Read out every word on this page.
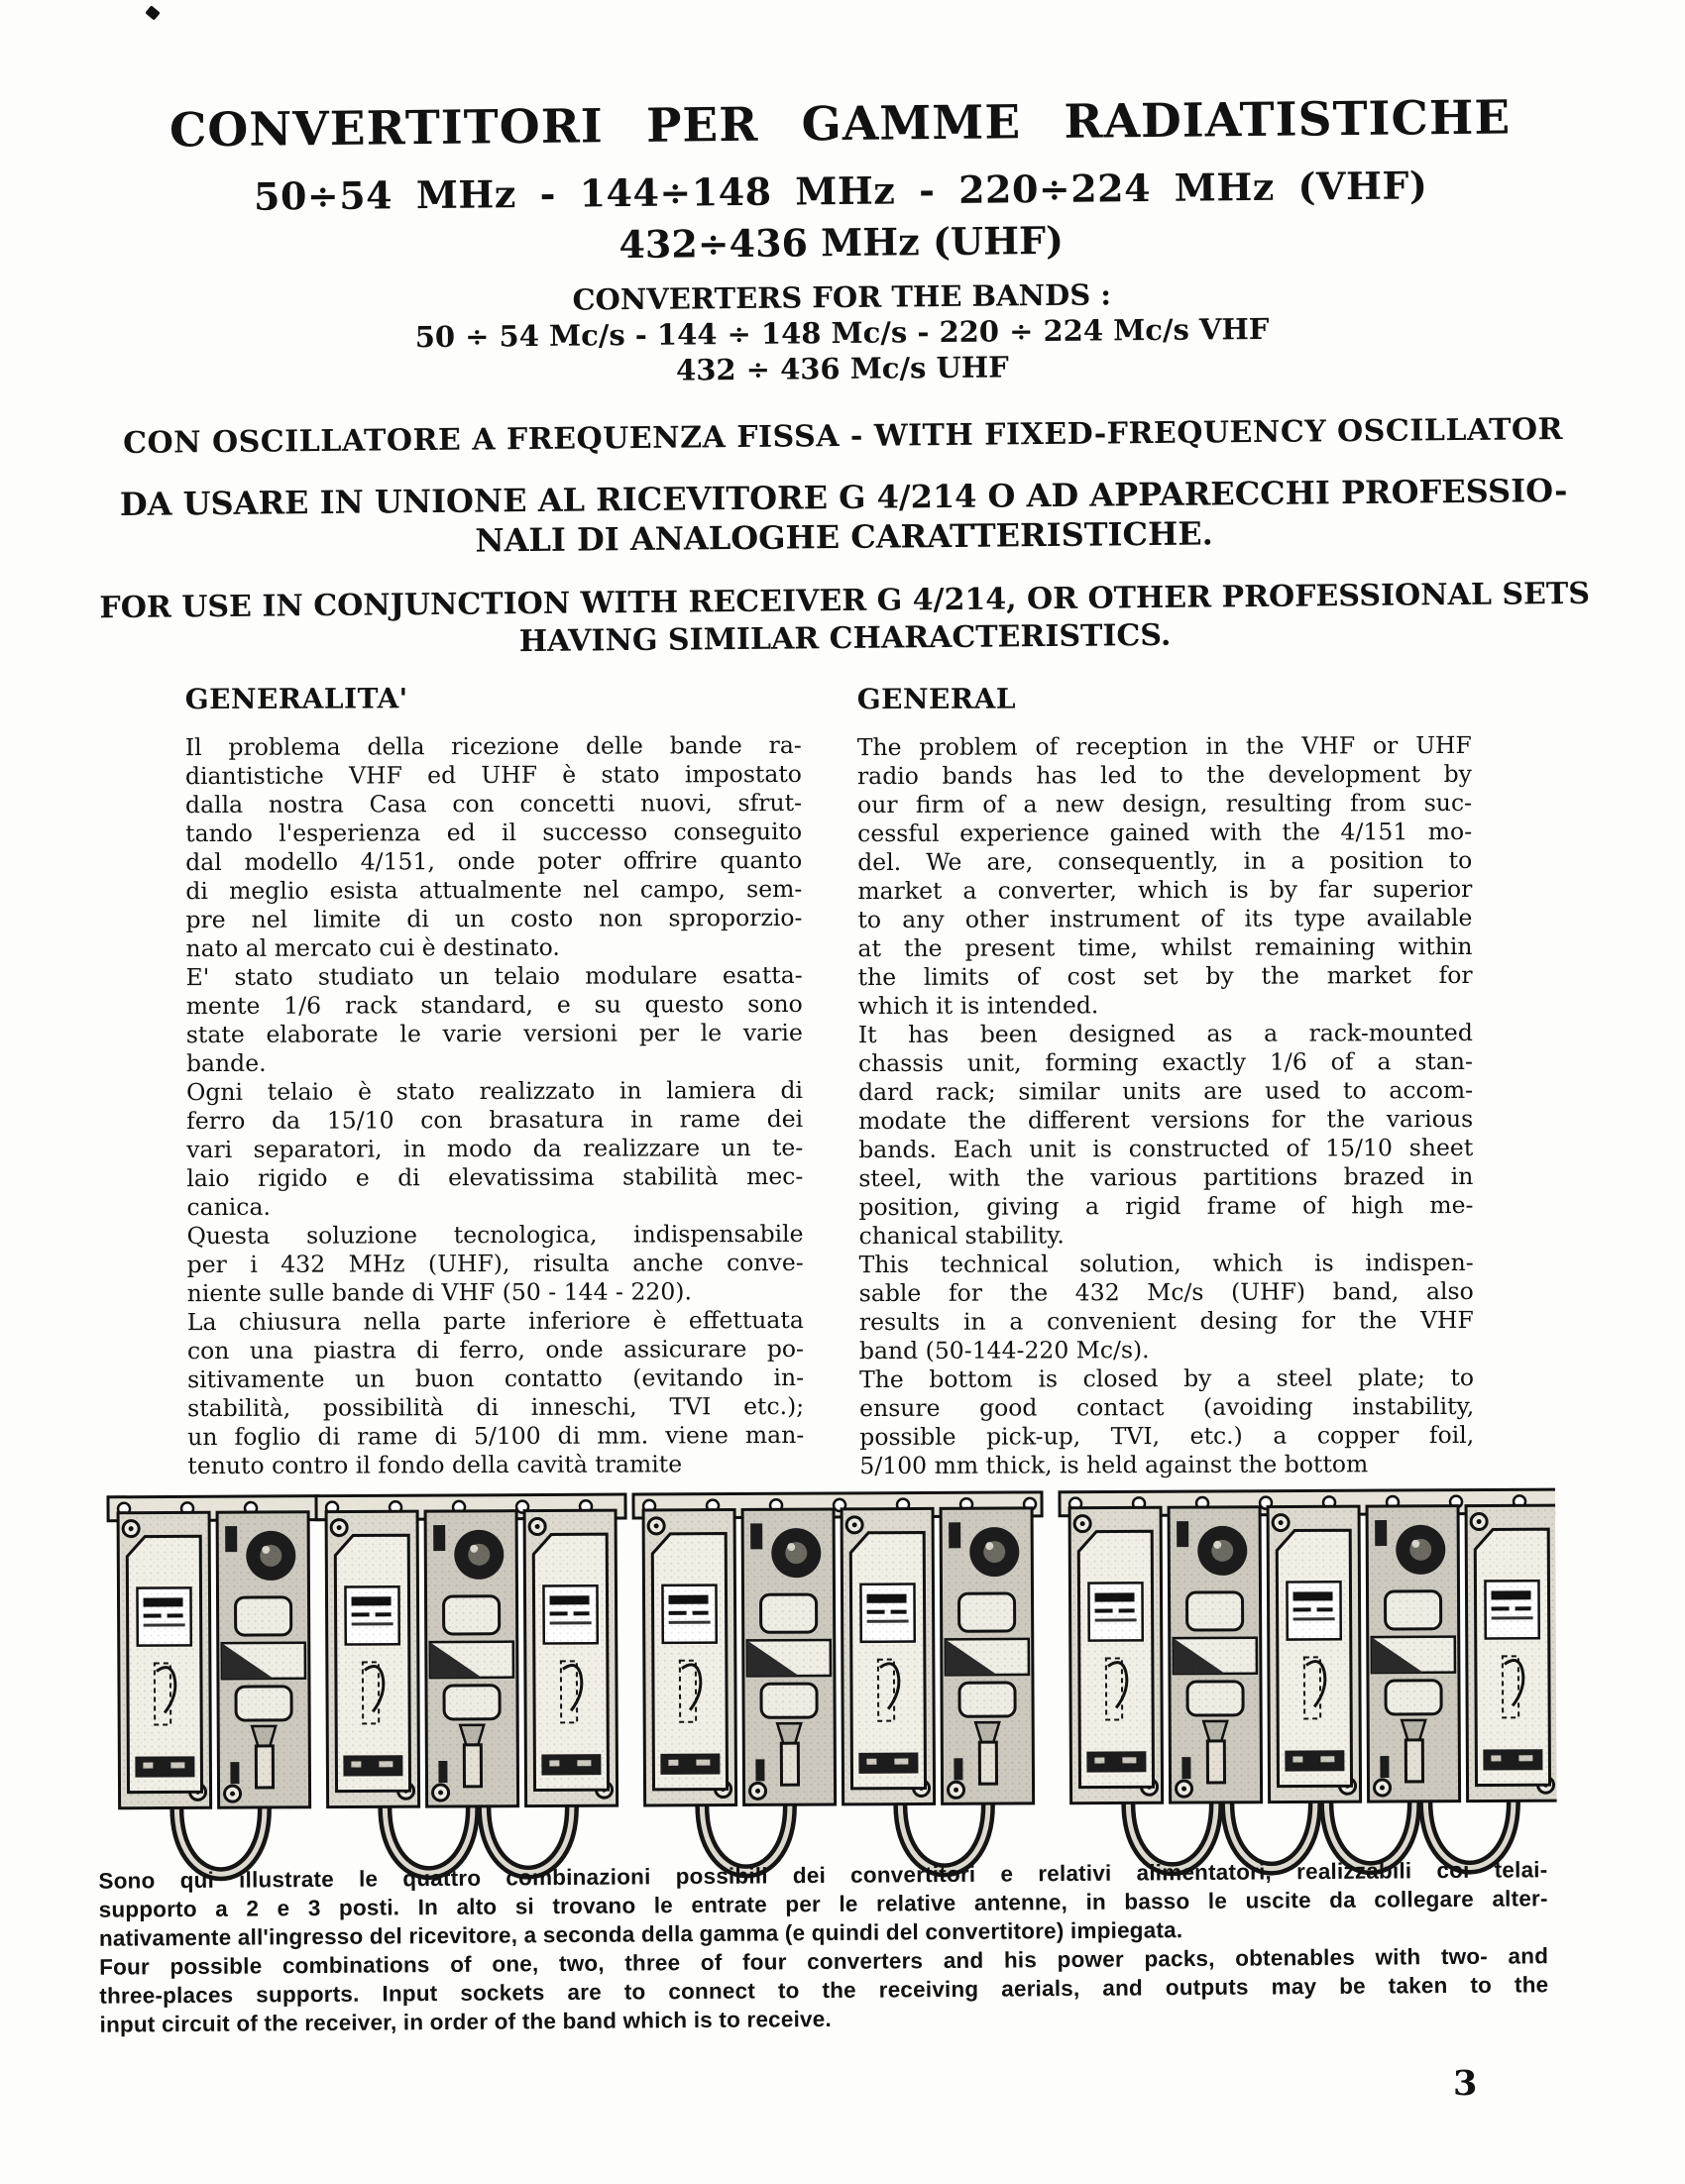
CONVERTITORI PER GAMME RADIATISTICHE
50÷54 MHz - 144÷148 MHz - 220÷224 MHz (VHF)
432÷436 MHz (UHF)
CONVERTERS FOR THE BANDS :
50 ÷ 54 Mc/s - 144 ÷ 148 Mc/s - 220 ÷ 224 Mc/s VHF
432 ÷ 436 Mc/s UHF
CON OSCILLATORE A FREQUENZA FISSA - WITH FIXED-FREQUENCY OSCILLATOR
DA USARE IN UNIONE AL RICEVITORE G 4/214 O AD APPARECCHI PROFESSIO-
NALI DI ANALOGHE CARATTERISTICHE.
FOR USE IN CONJUNCTION WITH RECEIVER G 4/214, OR OTHER PROFESSIONAL SETS
HAVING SIMILAR CHARACTERISTICS.
GENERALITA'
Il problema della ricezione delle bande ra-
diantistiche VHF ed UHF è stato impostato
dalla nostra Casa con concetti nuovi, sfrut-
tando l'esperienza ed il successo conseguito
dal modello 4/151, onde poter offrire quanto
di meglio esista attualmente nel campo, sem-
pre nel limite di un costo non sproporzio-
nato al mercato cui è destinato.
E' stato studiato un telaio modulare esatta-
mente 1/6 rack standard, e su questo sono
state elaborate le varie versioni per le varie
bande.
Ogni telaio è stato realizzato in lamiera di
ferro da 15/10 con brasatura in rame dei
vari separatori, in modo da realizzare un te-
laio rigido e di elevatissima stabilità mec-
canica.
Questa soluzione tecnologica, indispensabile
per i 432 MHz (UHF), risulta anche conve-
niente sulle bande di VHF (50 - 144 - 220).
La chiusura nella parte inferiore è effettuata
con una piastra di ferro, onde assicurare po-
sitivamente un buon contatto (evitando in-
stabilità, possibilità di inneschi, TVI etc.);
un foglio di rame di 5/100 di mm. viene man-
tenuto contro il fondo della cavità tramite
GENERAL
The problem of reception in the VHF or UHF
radio bands has led to the development by
our firm of a new design, resulting from suc-
cessful experience gained with the 4/151 mo-
del. We are, consequently, in a position to
market a converter, which is by far superior
to any other instrument of its type available
at the present time, whilst remaining within
the limits of cost set by the market for
which it is intended.
It has been designed as a rack-mounted
chassis unit, forming exactly 1/6 of a stan-
dard rack; similar units are used to accom-
modate the different versions for the various
bands. Each unit is constructed of 15/10 sheet
steel, with the various partitions brazed in
position, giving a rigid frame of high me-
chanical stability.
This technical solution, which is indispen-
sable for the 432 Mc/s (UHF) band, also
results in a convenient desing for the VHF
band (50-144-220 Mc/s).
The bottom is closed by a steel plate; to
ensure good contact (avoiding instability,
possible pick-up, TVI, etc.) a copper foil,
5/100 mm thick, is held against the bottom
Sono qui illustrate le quattro combinazioni possibili dei convertitori e relativi alimentatori, realizzabili coi telai-
supporto a 2 e 3 posti. In alto si trovano le entrate per le relative antenne, in basso le uscite da collegare alter-
nativamente all'ingresso del ricevitore, a seconda della gamma (e quindi del convertitore) impiegata.
Four possible combinations of one, two, three of four converters and his power packs, obtenables with two- and
three-places supports. Input sockets are to connect to the receiving aerials, and outputs may be taken to the
input circuit of the receiver, in order of the band which is to receive.
3
